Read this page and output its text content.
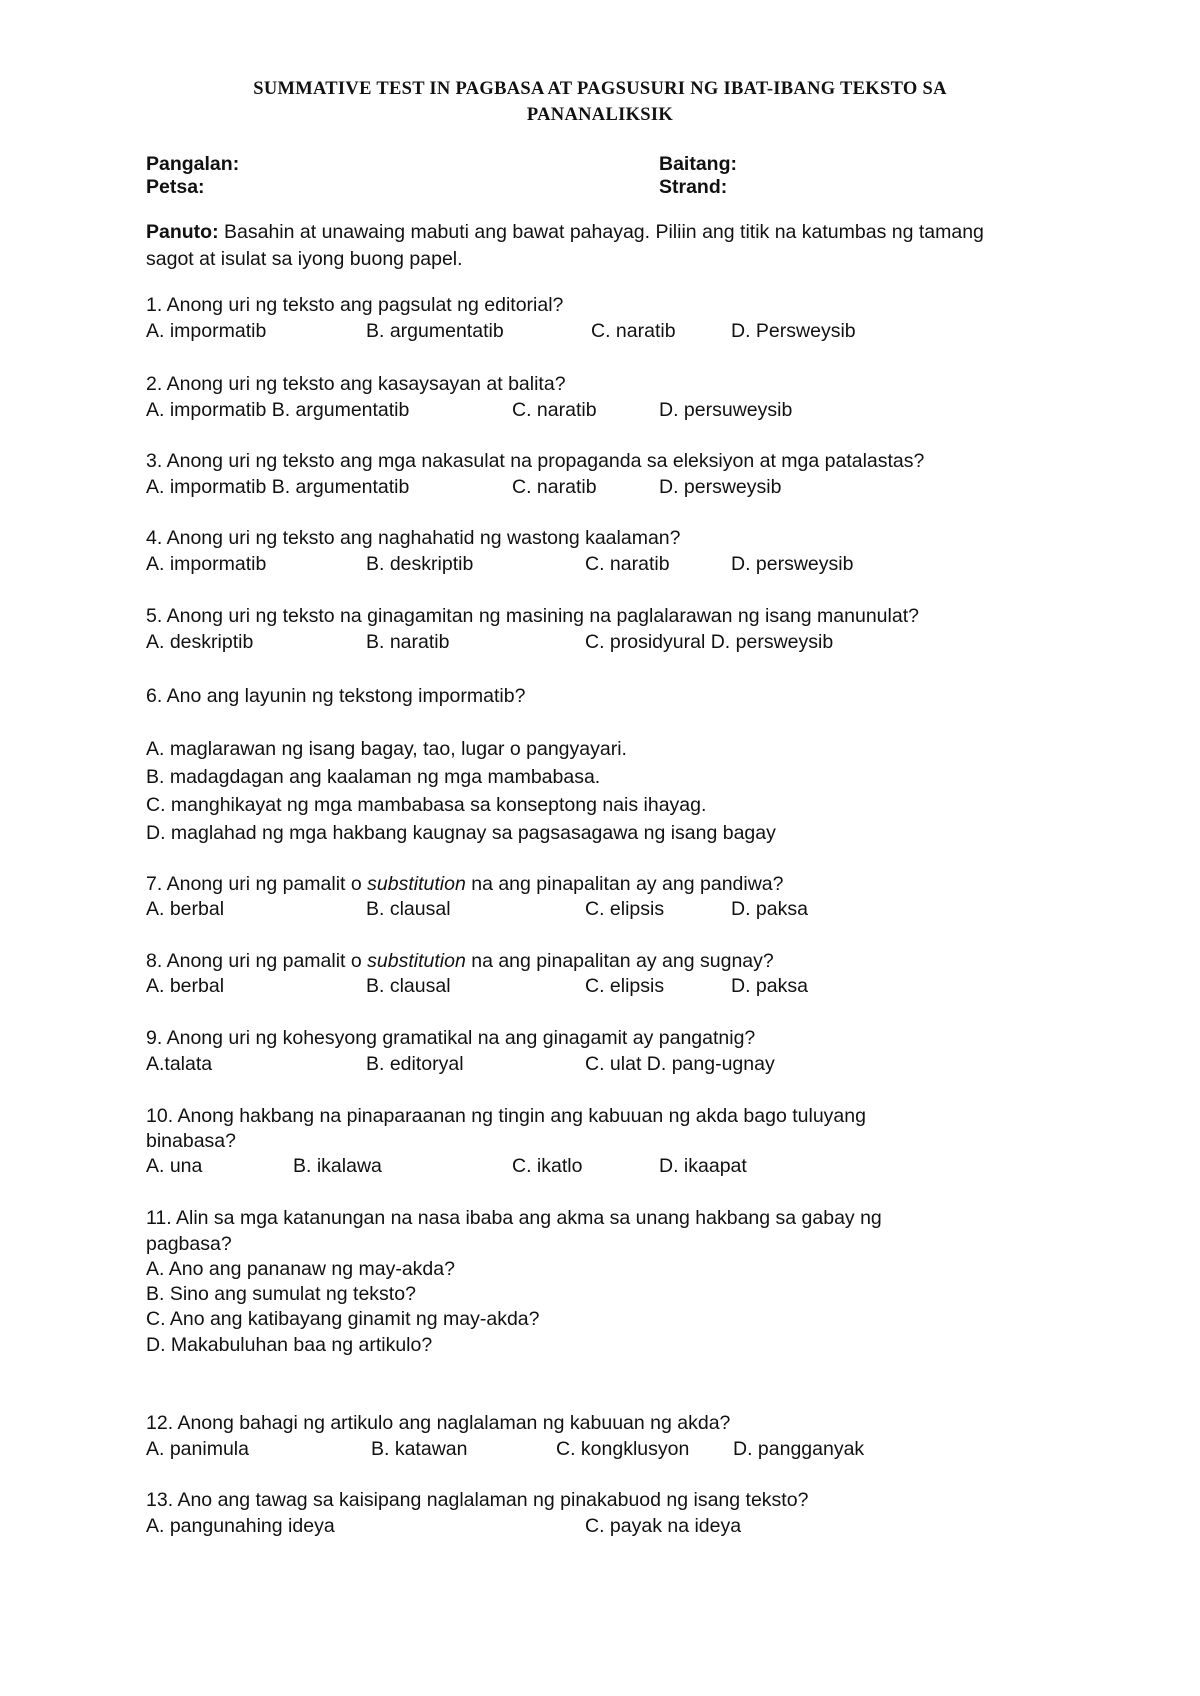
SUMMATIVE TEST IN PAGBASA AT PAGSUSURI NG IBAT-IBANG TEKSTO SA
PANANALIKSIK
Pangalan:	Baitang:
Petsa:	Strand:
Panuto: Basahin at unawaing mabuti ang bawat pahayag. Piliin ang titik na katumbas ng tamang
sagot at isulat sa iyong buong papel.
1. Anong uri ng teksto ang pagsulat ng editorial?
A. impormatib	B. argumentatib	C. naratib	D. Persweysib
2. Anong uri ng teksto ang kasaysayan at balita?
A. impormatib B. argumentatib	C. naratib	D. persuweysib
3. Anong uri ng teksto ang mga nakasulat na propaganda sa eleksiyon at mga patalastas?
A. impormatib B. argumentatib	C. naratib	D. persweysib
4. Anong uri ng teksto ang naghahatid ng wastong kaalaman?
A. impormatib	B. deskriptib	C. naratib	D. persweysib
5. Anong uri ng teksto na ginagamitan ng masining na paglalarawan ng isang manunulat?
A. deskriptib	B. naratib	C. prosidyural D. persweysib
6. Ano ang layunin ng tekstong impormatib?
A. maglarawan ng isang bagay, tao, lugar o pangyayari.
B. madagdagan ang kaalaman ng mga mambabasa.
C. manghikayat ng mga mambabasa sa konseptong nais ihayag.
D. maglahad ng mga hakbang kaugnay sa pagsasagawa ng isang bagay
7. Anong uri ng pamalit o substitution na ang pinapalitan ay ang pandiwa?
A. berbal	B. clausal	C. elipsis	D. paksa
8. Anong uri ng pamalit o substitution na ang pinapalitan ay ang sugnay?
A. berbal	B. clausal	C. elipsis	D. paksa
9. Anong uri ng kohesyong gramatikal na ang ginagamit ay pangatnig?
A.talata	B. editoryal	C. ulat D. pang-ugnay
10. Anong hakbang na pinaparaanan ng tingin ang kabuuan ng akda bago tuluyang
binabasa?
A. una	B. ikalawa	C. ikatlo	D. ikaapat
11. Alin sa mga katanungan na nasa ibaba ang akma sa unang hakbang sa gabay ng
pagbasa?
A. Ano ang pananaw ng may-akda?
B. Sino ang sumulat ng teksto?
C. Ano ang katibayang ginamit ng may-akda?
D. Makabuluhan baa ng artikulo?
12. Anong bahagi ng artikulo ang naglalaman ng kabuuan ng akda?
A. panimula	B. katawan	C. kongklusyon D. pangganyak
13. Ano ang tawag sa kaisipang naglalaman ng pinakabuod ng isang teksto?
A. pangunahing ideya	C. payak na ideya
